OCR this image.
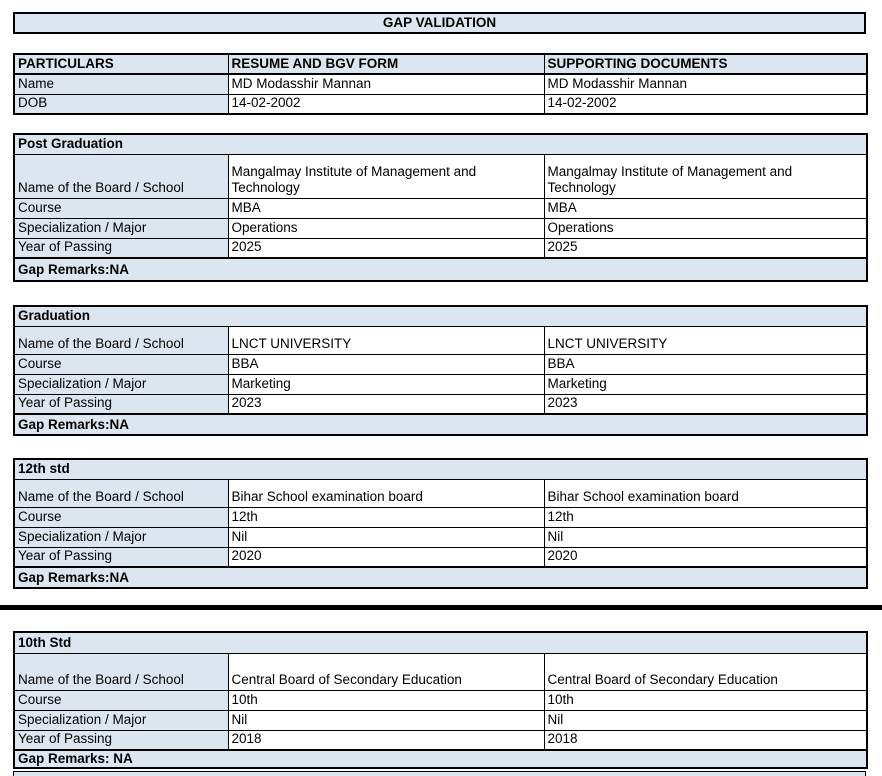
GAP VALIDATION
PARTICULARS	RESUME AND BGV FORM	SUPPORTING DOCUMENTS
Name	MD Modasshir Mannan	MD Modasshir Mannan
DOB	14-02-2002	14-02-2002
Post Graduation		
Name of the Board / School	Mangalmay Institute of Management and Technology	Mangalmay Institute of Management and Technology
Course	MBA	MBA
Specialization / Major	Operations	Operations
Year of Passing	2025	2025
Gap Remarks:NA		
Graduation		
Name of the Board / School	LNCT UNIVERSITY	LNCT UNIVERSITY
Course	BBA	BBA
Specialization / Major	Marketing	Marketing
Year of Passing	2023	2023
Gap Remarks:NA		
12th std		
Name of the Board / School	Bihar School examination board	Bihar School examination board
Course	12th	12th
Specialization / Major	Nil	Nil
Year of Passing	2020	2020
Gap Remarks:NA		
10th Std		
Name of the Board / School	Central Board of Secondary Education	Central Board of Secondary Education
Course	10th	10th
Specialization / Major	Nil	Nil
Year of Passing	2018	2018
Gap Remarks: NA		
